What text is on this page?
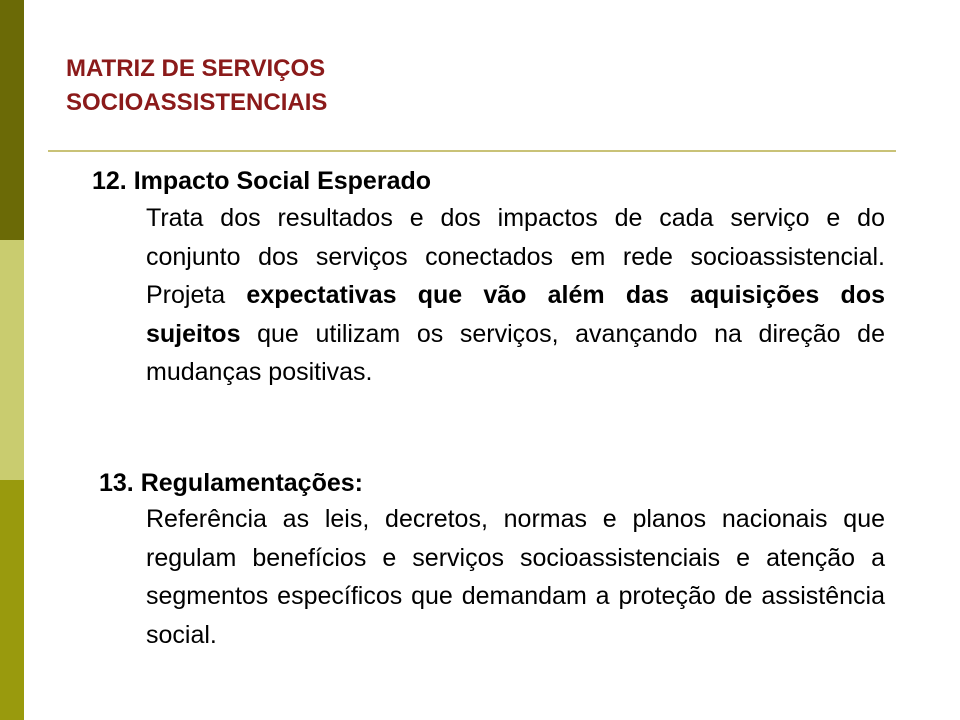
MATRIZ DE SERVIÇOS
SOCIOASSISTENCIAIS
12. Impacto Social Esperado

Trata dos resultados e dos impactos de cada serviço e do conjunto dos serviços conectados em rede socioassistencial. Projeta expectativas que vão além das aquisições dos sujeitos que utilizam os serviços, avançando na direção de mudanças positivas.

13. Regulamentações:

Referência as leis, decretos, normas e planos nacionais que regulam benefícios e serviços socioassistenciais e atenção a segmentos específicos que demandam a proteção de assistência social.
